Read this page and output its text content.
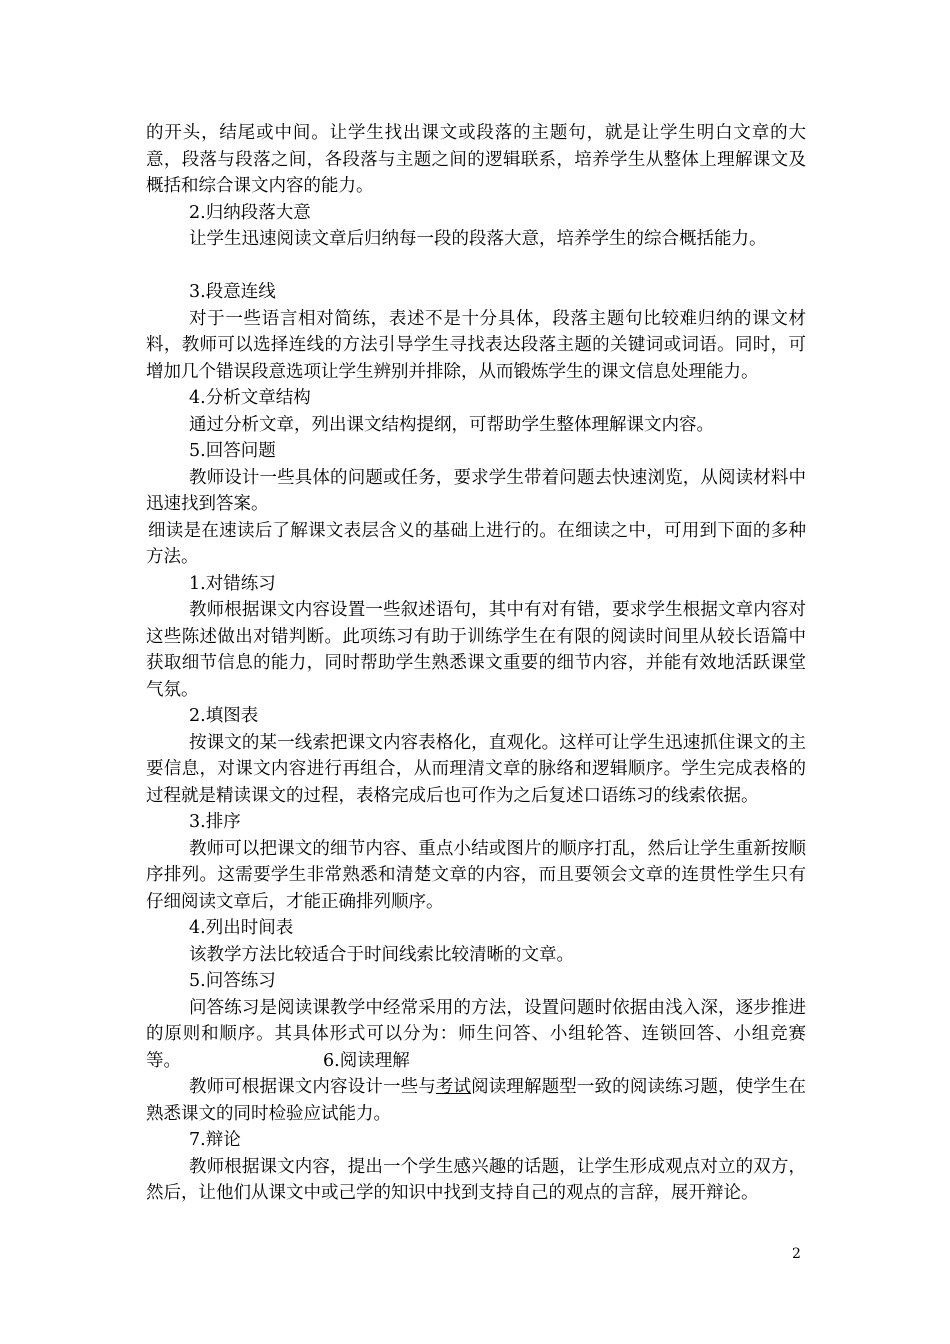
的开头，结尾或中间。让学生找出课文或段落的主题句，就是让学生明白文章的大意，段落与段落之间，各段落与主题之间的逻辑联系，培养学生从整体上理解课文及概括和综合课文内容的能力。

2.归纳段落大意

让学生迅速阅读文章后归纳每一段的段落大意，培养学生的综合概括能力。

3.段意连线

对于一些语言相对简练，表述不是十分具体，段落主题句比较难归纳的课文材料，教师可以选择连线的方法引导学生寻找表达段落主题的关键词或词语。同时，可增加几个错误段意选项让学生辨别并排除，从而锻炼学生的课文信息处理能力。

4.分析文章结构

通过分析文章，列出课文结构提纲，可帮助学生整体理解课文内容。

5.回答问题

教师设计一些具体的问题或任务，要求学生带着问题去快速浏览，从阅读材料中迅速找到答案。

细读是在速读后了解课文表层含义的基础上进行的。在细读之中，可用到下面的多种方法。

1.对错练习

教师根据课文内容设置一些叙述语句，其中有对有错，要求学生根据文章内容对这些陈述做出对错判断。此项练习有助于训练学生在有限的阅读时间里从较长语篇中获取细节信息的能力，同时帮助学生熟悉课文重要的细节内容，并能有效地活跃课堂气氛。

2.填图表

按课文的某一线索把课文内容表格化，直观化。这样可让学生迅速抓住课文的主要信息，对课文内容进行再组合，从而理清文章的脉络和逻辑顺序。学生完成表格的过程就是精读课文的过程，表格完成后也可作为之后复述口语练习的线索依据。

3.排序

教师可以把课文的细节内容、重点小结或图片的顺序打乱，然后让学生重新按顺序排列。这需要学生非常熟悉和清楚文章的内容，而且要领会文章的连贯性学生只有仔细阅读文章后，才能正确排列顺序。

4.列出时间表

该教学方法比较适合于时间线索比较清晰的文章。

5.问答练习

问答练习是阅读课教学中经常采用的方法，设置问题时依据由浅入深，逐步推进的原则和顺序。其具体形式可以分为：师生问答、小组轮答、连锁回答、小组竞赛等。	6.阅读理解

教师可根据课文内容设计一些与考试阅读理解题型一致的阅读练习题，使学生在熟悉课文的同时检验应试能力。

7.辩论

教师根据课文内容，提出一个学生感兴趣的话题，让学生形成观点对立的双方，然后，让他们从课文中或己学的知识中找到支持自己的观点的言辞，展开辩论。

2
